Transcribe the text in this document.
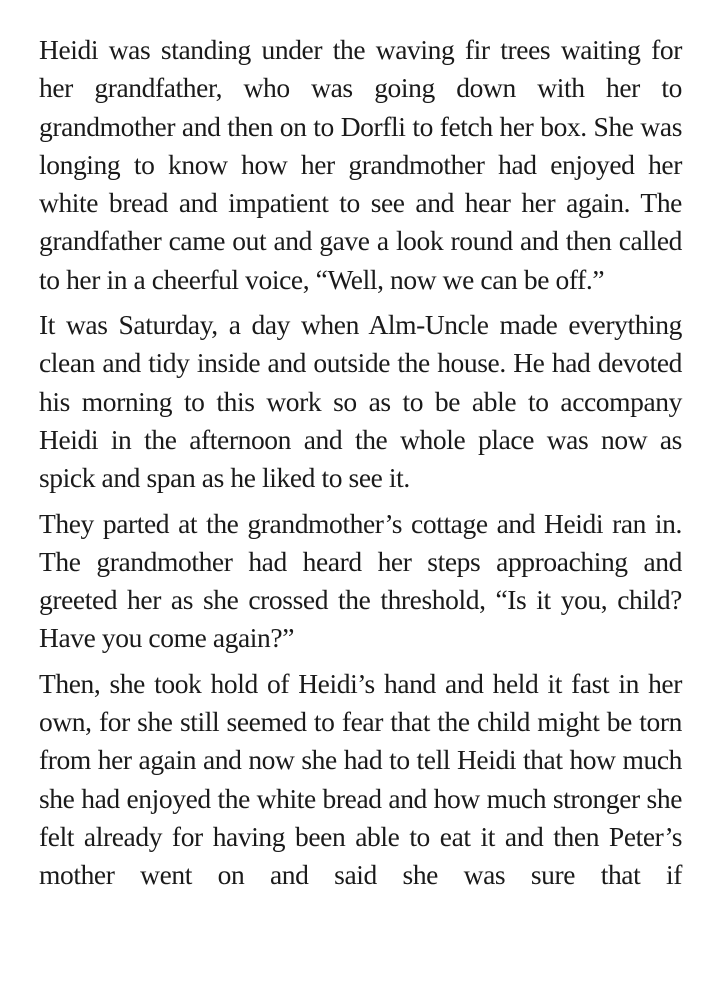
Heidi was standing under the waving fir trees waiting for her grandfather, who was going down with her to grandmother and then on to Dorfli to fetch her box. She was longing to know how her grandmother had enjoyed her white bread and impatient to see and hear her again. The grandfather came out and gave a look round and then called to her in a cheerful voice, “Well, now we can be off.”

It was Saturday, a day when Alm-Uncle made everything clean and tidy inside and outside the house. He had devoted his morning to this work so as to be able to accompany Heidi in the afternoon and the whole place was now as spick and span as he liked to see it.

They parted at the grandmother’s cottage and Heidi ran in. The grandmother had heard her steps approaching and greeted her as she crossed the threshold, “Is it you, child? Have you come again?”

Then, she took hold of Heidi’s hand and held it fast in her own, for she still seemed to fear that the child might be torn from her again and now she had to tell Heidi that how much she had enjoyed the white bread and how much stronger she felt already for having been able to eat it and then Peter’s mother went on and said she was sure that if
